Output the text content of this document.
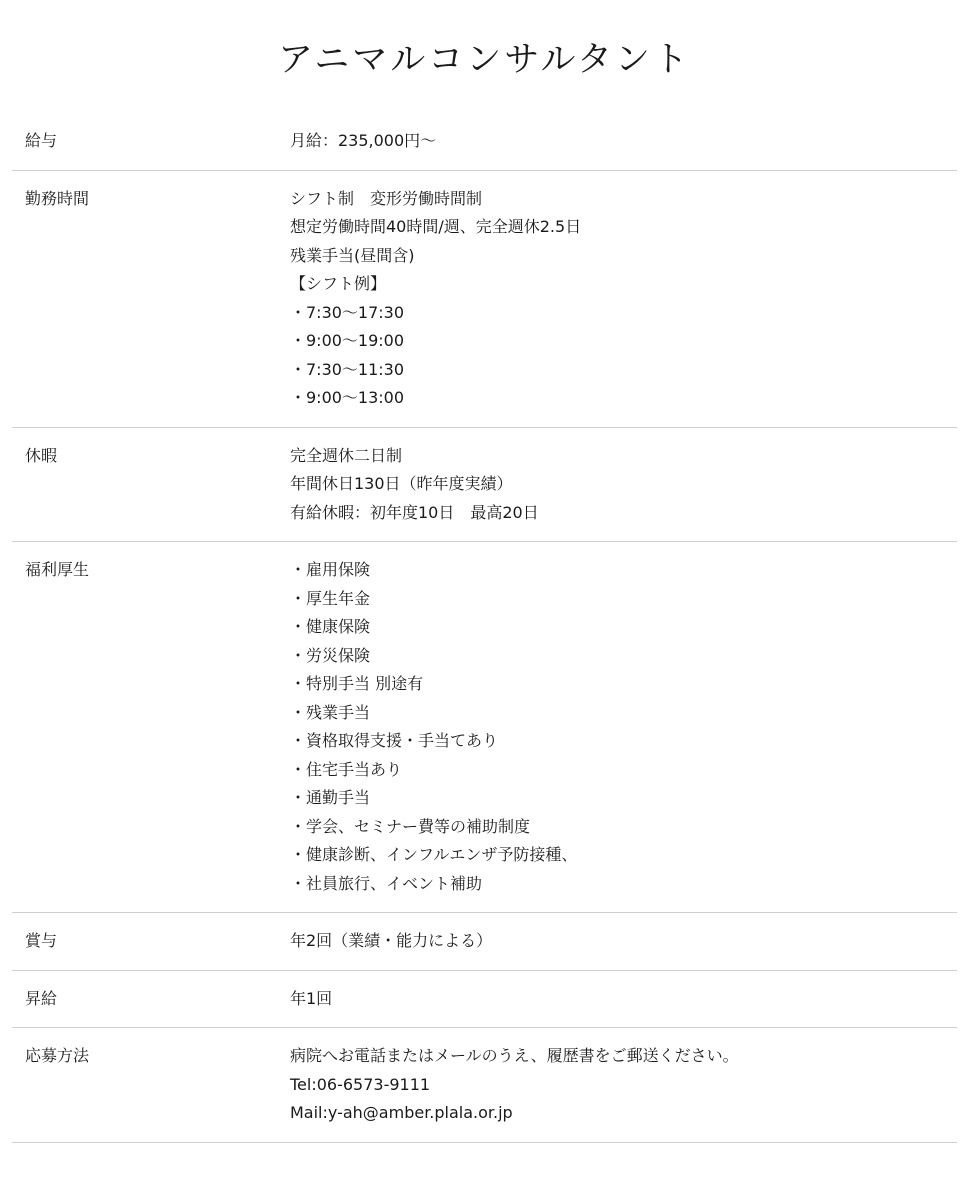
アニマルコンサルタント
給与	月給：235,000円〜
勤務時間	シフト制　変形労働時間制
想定労働時間40時間/週、完全週休2.5日
残業手当(昼間含)
【シフト例】
・7:30〜17:30
・9:00〜19:00
・7:30〜11:30
・9:00〜13:00
休暇	完全週休二日制
年間休日130日（昨年度実績）
有給休暇：初年度10日　最高20日
福利厚生	・雇用保険
・厚生年金
・健康保険
・労災保険
・特別手当 別途有
・残業手当
・資格取得支援・手当てあり
・住宅手当あり
・通勤手当
・学会、セミナー費等の補助制度
・健康診断、インフルエンザ予防接種、
・社員旅行、イベント補助
賞与	年2回（業績・能力による）
昇給	年1回
応募方法	病院へお電話またはメールのうえ、履歴書をご郵送ください。
Tel:06-6573-9111
Mail:y-ah@amber.plala.or.jp
